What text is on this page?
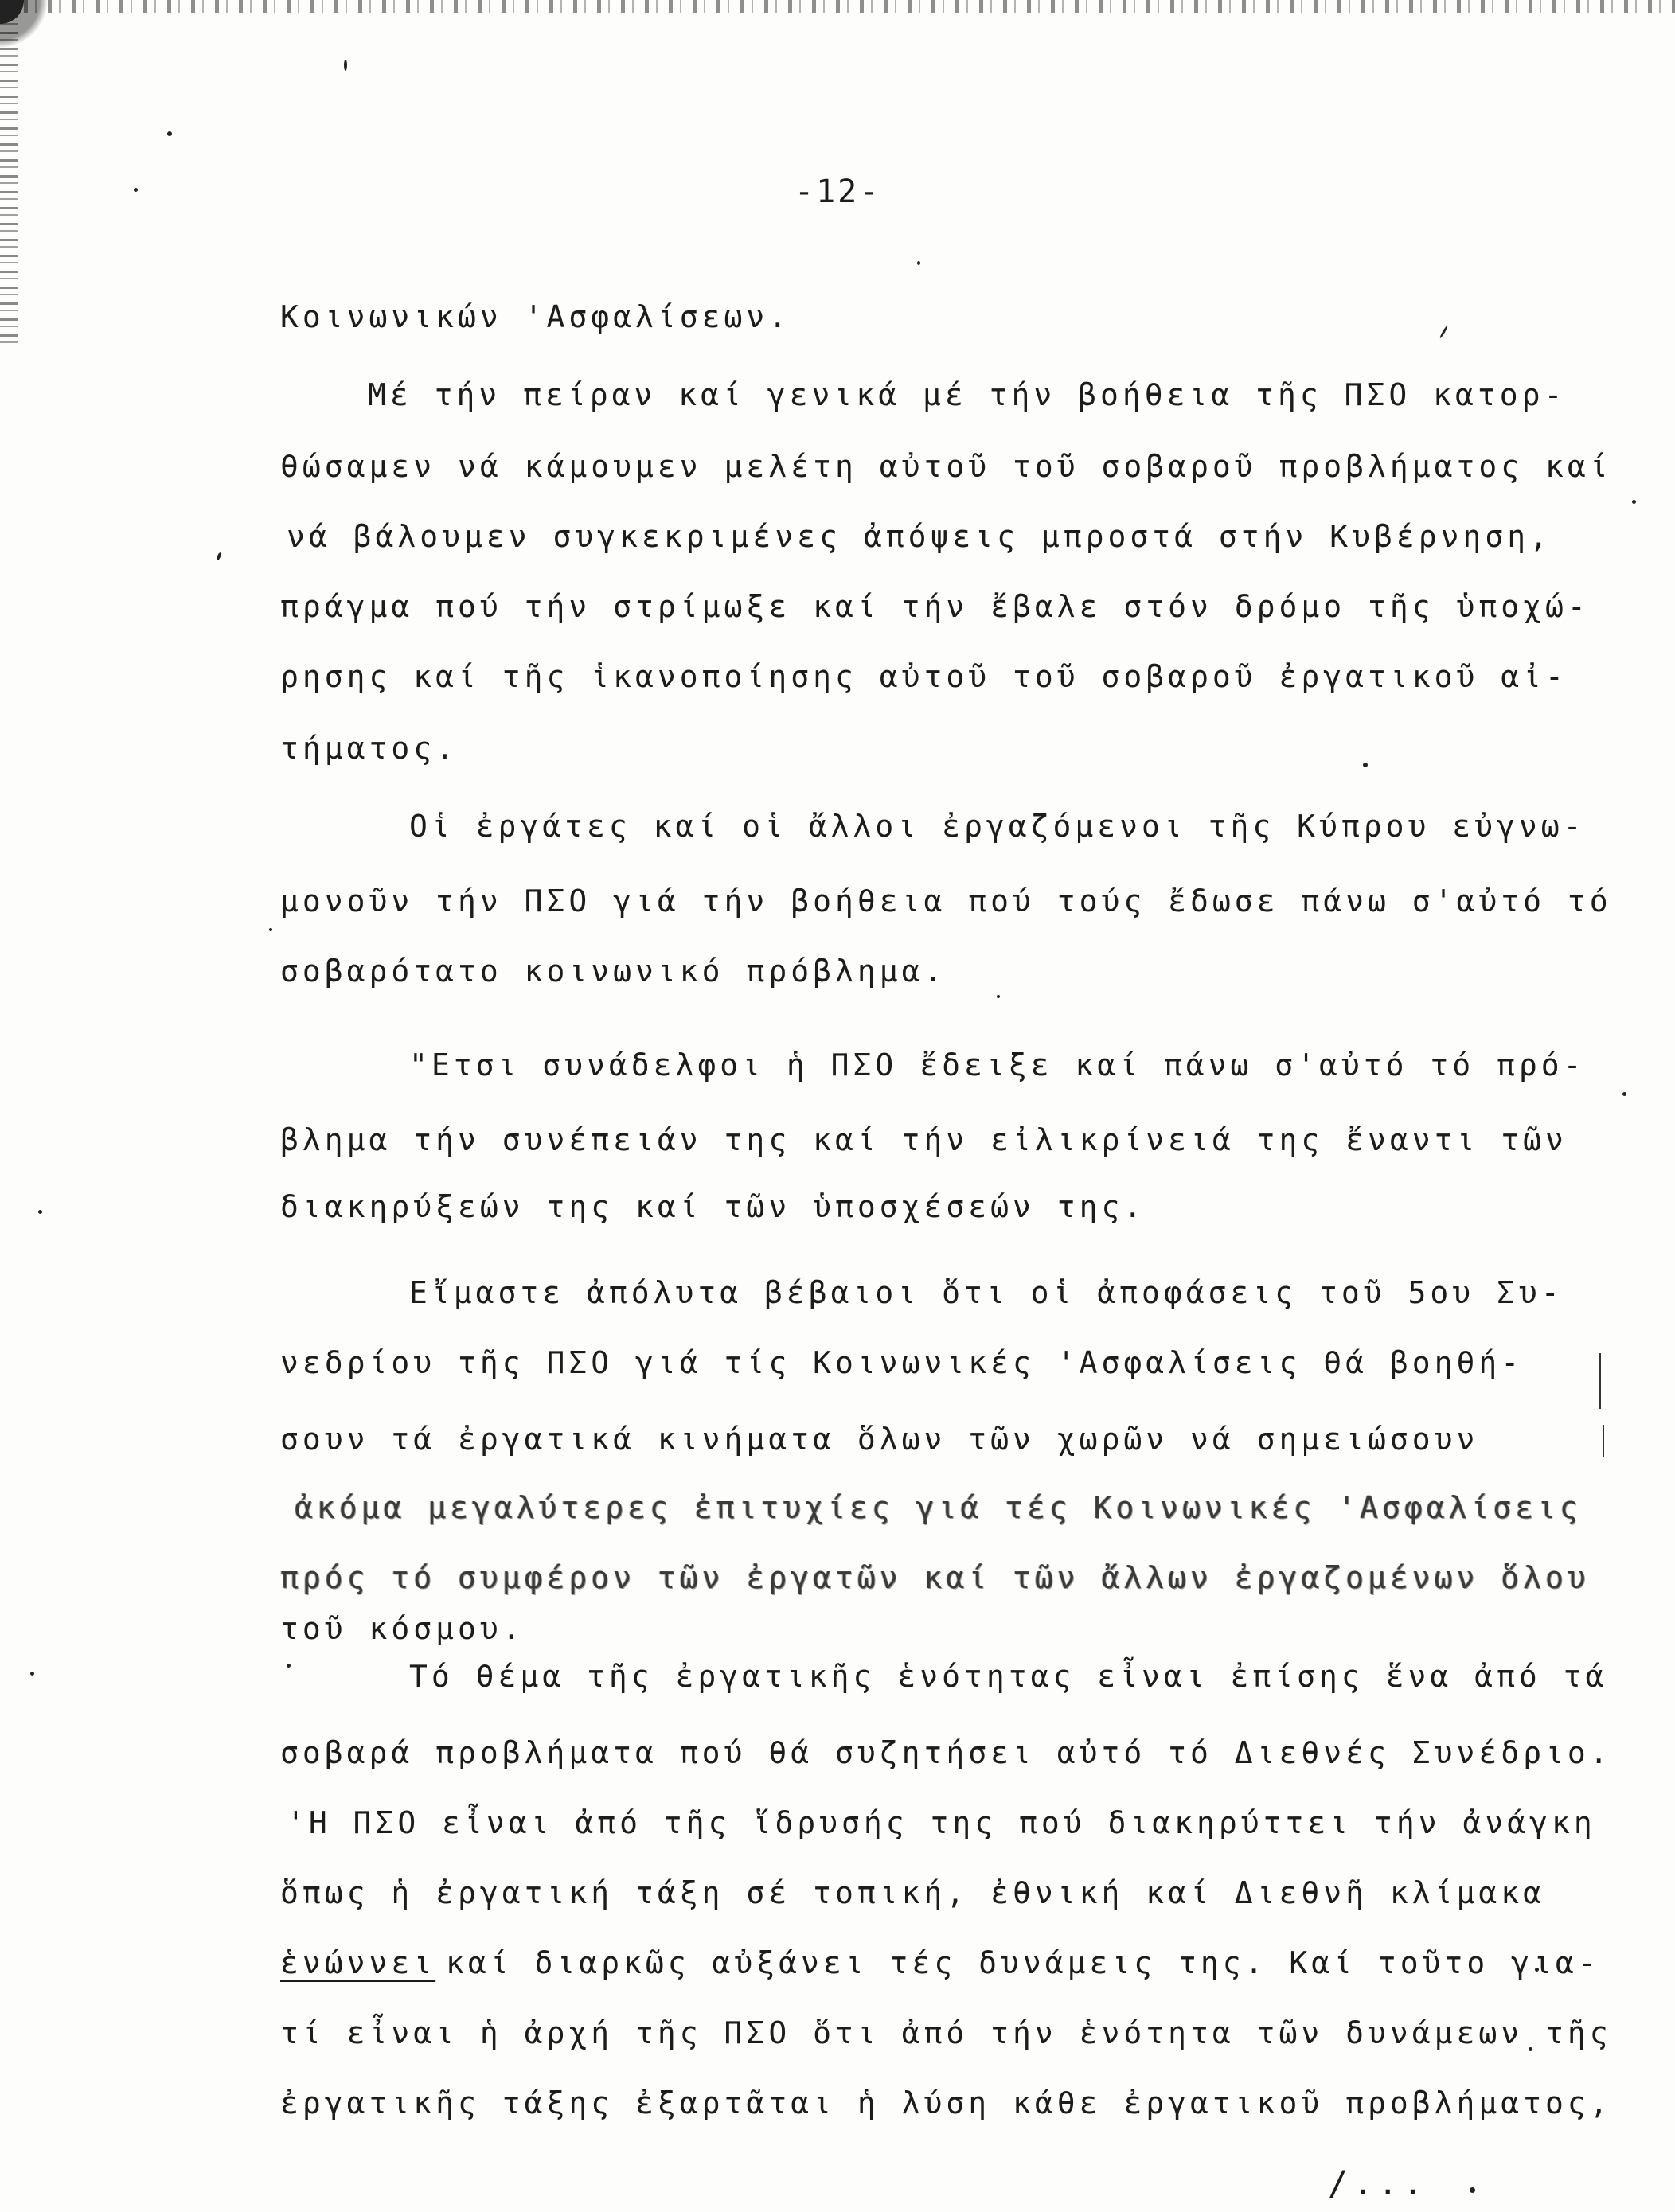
-12-
Κοινωνικών 'Ασφαλίσεων.
Μέ τήν πείραν καί γενικά μέ τήν βοήθεια τῆς ΠΣΟ κατορ-
θώσαμεν νά κάμουμεν μελέτη αὐτοῦ τοῦ σοβαροῦ προβλήματος καί
νά βάλουμεν συγκεκριμένες ἀπόψεις μπροστά στήν Κυβέρνηση,
πράγμα πού τήν στρίμωξε καί τήν ἔβαλε στόν δρόμο τῆς ὑποχώ-
ρησης καί τῆς ἱκανοποίησης αὐτοῦ τοῦ σοβαροῦ ἐργατικοῦ αἰ-
τήματος.
Οἱ ἐργάτες καί οἱ ἄλλοι ἐργαζόμενοι τῆς Κύπρου εὐγνω-
μονοῦν τήν ΠΣΟ γιά τήν βοήθεια πού τούς ἔδωσε πάνω σ'αὐτό τό
σοβαρότατο κοινωνικό πρόβλημα.
"Ετσι συνάδελφοι ἡ ΠΣΟ ἔδειξε καί πάνω σ'αὐτό τό πρό-
βλημα τήν συνέπειάν της καί τήν εἰλικρίνειά της ἔναντι τῶν
διακηρύξεών της καί τῶν ὑποσχέσεών της.
Εἴμαστε ἀπόλυτα βέβαιοι ὅτι οἱ ἀποφάσεις τοῦ 5ου Συ-
νεδρίου τῆς ΠΣΟ γιά τίς Κοινωνικές 'Ασφαλίσεις θά βοηθή-
σουν τά ἐργατικά κινήματα ὅλων τῶν χωρῶν νά σημειώσουν
ἀκόμα μεγαλύτερες ἐπιτυχίες γιά τές Κοινωνικές 'Ασφαλίσεις
πρός τό συμφέρον τῶν ἐργατῶν καί τῶν ἄλλων ἐργαζομένων ὅλου
τοῦ κόσμου.
Τό θέμα τῆς ἐργατικῆς ἑνότητας εἶναι ἐπίσης ἕνα ἀπό τά
σοβαρά προβλήματα πού θά συζητήσει αὐτό τό Διεθνές Συνέδριο.
'Η ΠΣΟ εἶναι ἀπό τῆς ἵδρυσής της πού διακηρύττει τήν ἀνάγκη
ὅπως ἡ ἐργατική τάξη σέ τοπική, ἐθνική καί Διεθνῆ κλίμακα
ἑνώννει καί διαρκῶς αὐξάνει τές δυνάμεις της. Καί τοῦτο για-
τί εἶναι ἡ ἀρχή τῆς ΠΣΟ ὅτι ἀπό τήν ἑνότητα τῶν δυνάμεων τῆς
ἐργατικῆς τάξης ἐξαρτᾶται ἡ λύση κάθε ἐργατικοῦ προβλήματος,
/...
